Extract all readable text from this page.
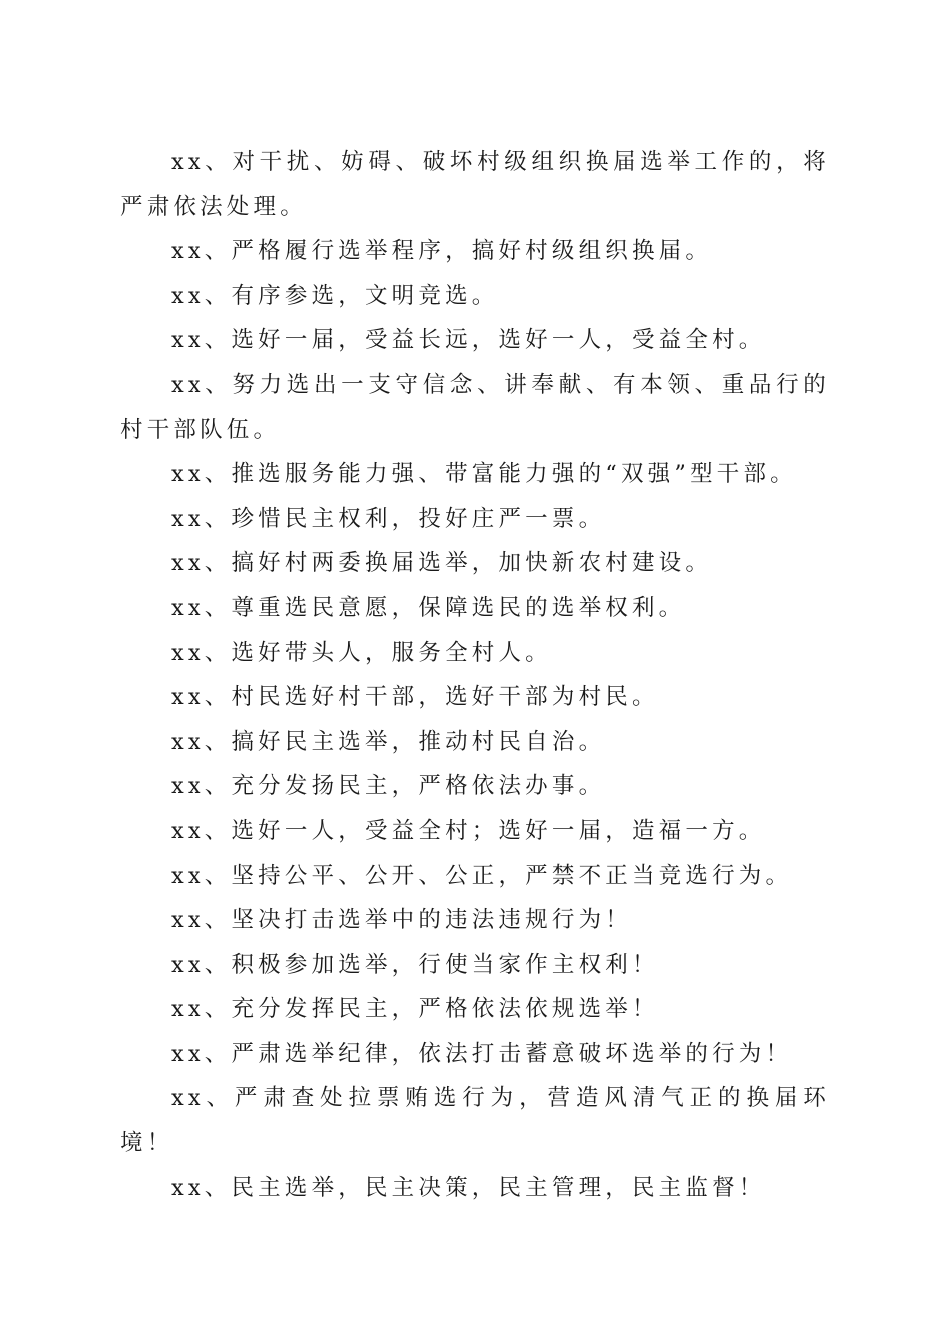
xx、对干扰、妨碍、破坏村级组织换届选举工作的，将严肃依法处理。

xx、严格履行选举程序，搞好村级组织换届。

xx、有序参选，文明竞选。

xx、选好一届，受益长远，选好一人，受益全村。

xx、努力选出一支守信念、讲奉献、有本领、重品行的村干部队伍。

xx、推选服务能力强、带富能力强的“双强”型干部。

xx、珍惜民主权利，投好庄严一票。

xx、搞好村两委换届选举，加快新农村建设。

xx、尊重选民意愿，保障选民的选举权利。

xx、选好带头人，服务全村人。

xx、村民选好村干部，选好干部为村民。

xx、搞好民主选举，推动村民自治。

xx、充分发扬民主，严格依法办事。

xx、选好一人，受益全村；选好一届，造福一方。

xx、坚持公平、公开、公正，严禁不正当竞选行为。

xx、坚决打击选举中的违法违规行为！

xx、积极参加选举，行使当家作主权利！

xx、充分发挥民主，严格依法依规选举！

xx、严肃选举纪律，依法打击蓄意破坏选举的行为！

xx、严肃查处拉票贿选行为，营造风清气正的换届环境！

xx、民主选举，民主决策，民主管理，民主监督！
